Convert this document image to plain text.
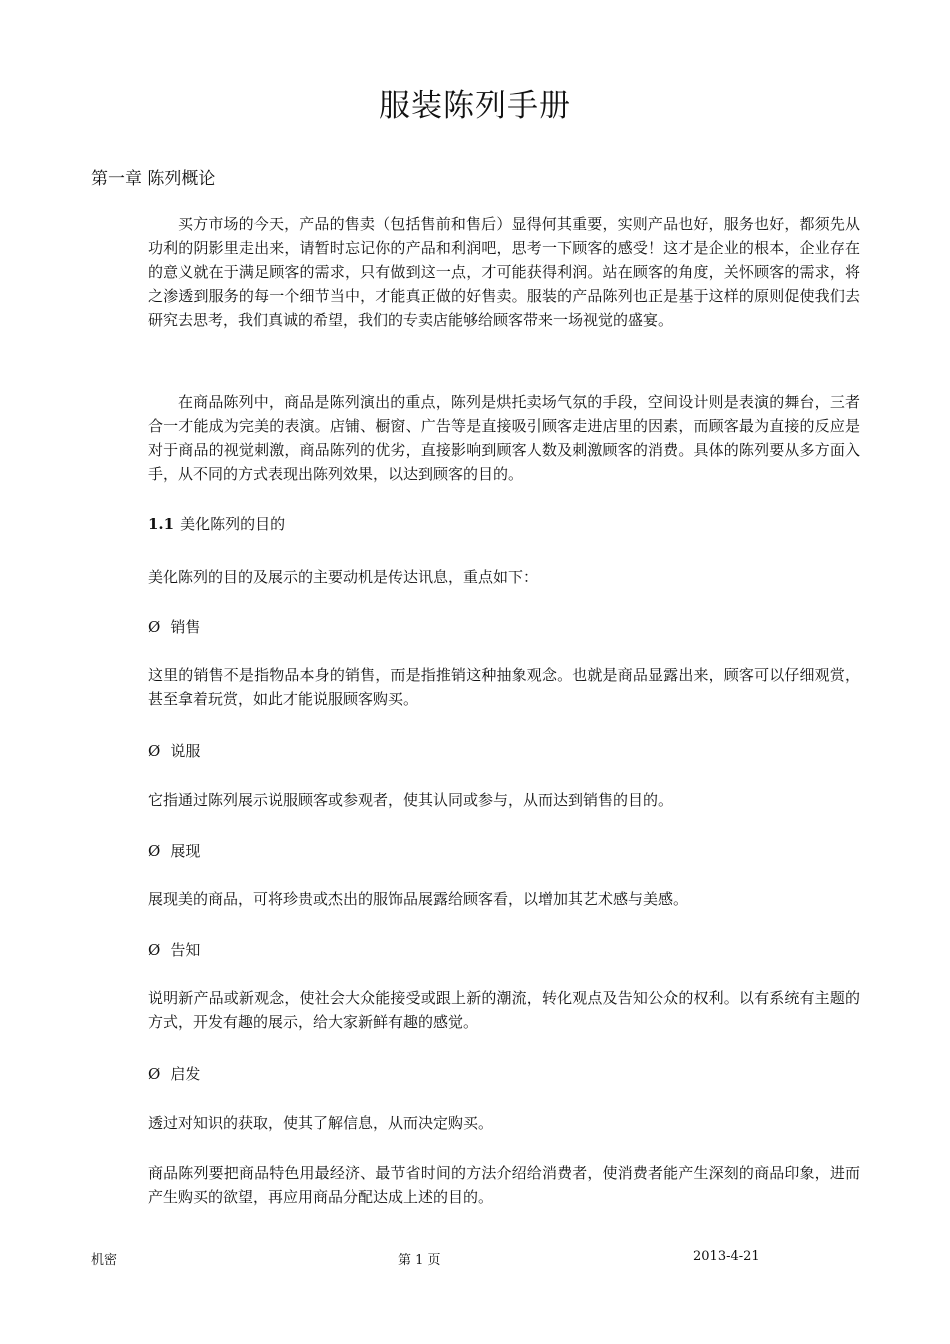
服装陈列手册

第一章 陈列概论

买方市场的今天，产品的售卖（包括售前和售后）显得何其重要，实则产品也好，服务也好，都须先从功利的阴影里走出来，请暂时忘记你的产品和利润吧，思考一下顾客的感受！这才是企业的根本，企业存在的意义就在于满足顾客的需求，只有做到这一点，才可能获得利润。站在顾客的角度，关怀顾客的需求，将之渗透到服务的每一个细节当中，才能真正做的好售卖。服装的产品陈列也正是基于这样的原则促使我们去研究去思考，我们真诚的希望，我们的专卖店能够给顾客带来一场视觉的盛宴。

在商品陈列中，商品是陈列演出的重点，陈列是烘托卖场气氛的手段，空间设计则是表演的舞台，三者合一才能成为完美的表演。店铺、橱窗、广告等是直接吸引顾客走进店里的因素，而顾客最为直接的反应是对于商品的视觉刺激，商品陈列的优劣，直接影响到顾客人数及刺激顾客的消费。具体的陈列要从多方面入手，从不同的方式表现出陈列效果，以达到顾客的目的。

1.1 美化陈列的目的

美化陈列的目的及展示的主要动机是传达讯息，重点如下：

Ø 销售

这里的销售不是指物品本身的销售，而是指推销这种抽象观念。也就是商品显露出来，顾客可以仔细观赏，甚至拿着玩赏，如此才能说服顾客购买。

Ø 说服

它指通过陈列展示说服顾客或参观者，使其认同或参与，从而达到销售的目的。

Ø 展现

展现美的商品，可将珍贵或杰出的服饰品展露给顾客看，以增加其艺术感与美感。

Ø 告知

说明新产品或新观念，使社会大众能接受或跟上新的潮流，转化观点及告知公众的权利。以有系统有主题的方式，开发有趣的展示，给大家新鲜有趣的感觉。

Ø 启发

透过对知识的获取，使其了解信息，从而决定购买。

商品陈列要把商品特色用最经济、最节省时间的方法介绍给消费者，使消费者能产生深刻的商品印象，进而产生购买的欲望，再应用商品分配达成上述的目的。

机密	第 1 页	2013-4-21
